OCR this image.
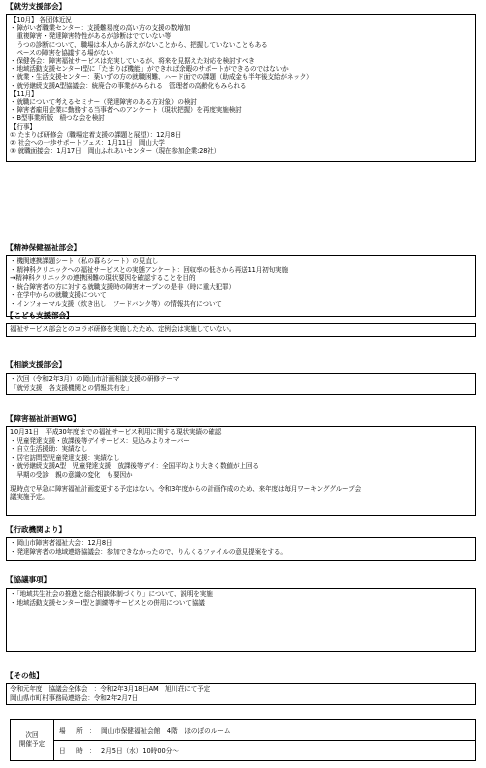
【就労支援部会】
【10月】 各団体近況
・障がい者職業センター：支援難易度の高い方の支援の数増加
　重複障害・発達障害特性があるが診断はでていない等
　うつの診断について、職場は本人から訴えがないことから、把握していないこともある
　ペースの障害を協議する場がない
・保健各会：障害福祉サービスは充実しているが、将来を見据えた対応を検討すべき
・地域活動支援センターⅠ型に「たまりば機能」ができれば余暇のサポートができるのではないか
・就業・生活支援センター：薬いずの方の就職困難、ハード面での課題（助成金も半年後支給がネック）
・就労継続支援A型協議会：統廃合の事業がみられる　管理者の高齢化もみられる
【11月】
・就職について考えるセミナー（発達障害のある方対象）の検討
・障害者雇用企業に勤務する当事者へのアンケート（現状把握）を再度実施検討
・B型事業所版　積つな会を検討
【行事】
① たまりば研修会（職場定着支援の課題と展望）：12月8日
② 社会への一歩サポートフェス：1月11日　岡山大学
③ 就職面接会：1月17日　岡山ふれあいセンター（現在参加企業:28社）
【精神保健福祉部会】
・機関連携課題シート（私の暮らシート）の見直し
・精神科クリニックへの福祉サービスとの実態アンケート：回収率の低さから再送11月初旬実施
→精神科クリニックの連携困難の現状要因を確認することを目的
・統合障害者の方に対する就職支援時の障害オープンの是非（時に重大犯罪）
・在学中からの就職支援について
・インフォーマル支援（炊き出し　フードバンク等）の情報共有について
【こども支援部会】
福祉サービス部会とのコラボ研修を実施したため、定例会は実施していない。
【相談支援部会】
・次回（令和2年3月）の岡山市計画相談支援の研修テーマ
「就労支援　各支援機関との情報共有を」
【障害福祉計画WG】
10月31日　平成30年度までの福祉サービス利用に関する現状実績の確認
・児童発達支援・放課後等デイサービス：見込みよりオーバー
・自立生活援助：実績なし
・居宅訪問型児童発達支援：実績なし
・就労継続支援A型　児童発達支援　放課後等デイ：全国平均より大きく数値が上回る
　早期の受診　親の意識の変化　も要因か
現時点で早急に障害福祉計画変更する予定はない。令和3年度からの計画作成のため、来年度は毎月ワーキンググループ会
議実施予定。
【行政機関より】
・岡山市障害者福祉大会：12月8日
・発達障害者の地域連絡協議会：参加できなかったので、りんくるファイルの意見提案をする。
【協議事項】
・「地域共生社会の推進と総合相談体制づくり」について、説明を実施
・地域活動支援センターⅠ型と訓練等サービスとの併用について協議
【その他】
令和元年度　協議会全体会　：令和2年3月18日AM　旭川荘にて予定
岡山県市町村事務局連絡会：令和2年2月7日
次回
開催予定
場　所 ： 岡山市保健福祉会館　4階　ほのぼのルーム
日　時 ： 2月5日（水）10時00分～
